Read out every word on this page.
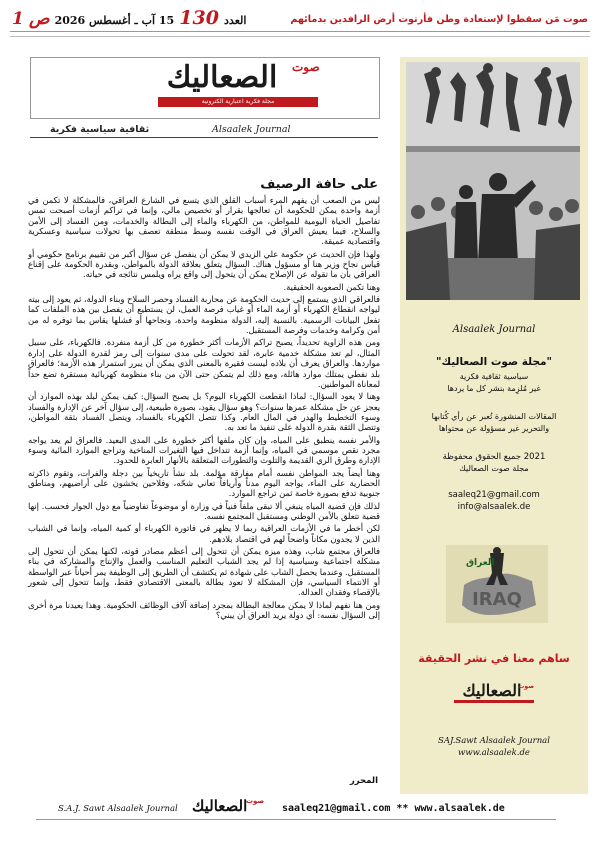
صوت مَن سقطوا لإستعادة وطن فأرتوت أرض الرافدين بدمائهم
العدد 130 15 آب ـ أغسطس 2026 ص 1
الصعاليك	صوت
مجلة فكرية اعتبارية الكترونية
Alsaalek Journal
ثقافية سياسية فكرية
على حافة الرصيف

ليس من الصعب أن يفهم المرء أسباب القلق الذي يتسع في الشارع العراقي، فالمشكلة لا تكمن في أزمة واحدة يمكن للحكومة أن تعالجها بقرار أو تخصيص مالي، وإنما في تراكم أزمات أصبحت تمس تفاصيل الحياة اليومية للمواطن، من الكهرباء والماء إلى البطالة والخدمات، ومن الفساد إلى الأمن والسلاح، فيما يعيش العراق في الوقت نفسه وسط منطقة تعصف بها تحولات سياسية وعسكرية واقتصادية عميقة.

ولهذا فإن الحديث عن حكومة علي الزيدي لا يمكن أن ينفصل عن سؤال أكبر من تقييم برنامج حكومي أو قياس نجاح وزير هنا أو مسؤول هناك. السؤال يتعلق بعلاقة الدولة بالمواطن، وبقدرة الحكومة على إقناع العراقي بأن ما تقوله عن الإصلاح يمكن أن يتحول إلى واقع يراه ويلمس نتائجه في حياته.

وهنا تكمن الصعوبة الحقيقية.

فالعراقي الذي يستمع إلى حديث الحكومة عن محاربة الفساد وحصر السلاح وبناء الدولة، ثم يعود إلى بيته ليواجه انقطاع الكهرباء أو أزمة الماء أو غياب فرصة العمل، لن يستطيع أن يفصل بين هذه الملفات كما تفعل البيانات الرسمية. بالنسبة إليه، الدولة منظومة واحدة، ونجاحها أو فشلها يقاس بما توفره له من أمن وكرامة وخدمات وفرصة المستقبل.

ومن هذه الزاوية تحديداً، يصبح تراكم الأزمات أكثر خطورة من كل أزمة منفردة. فالكهرباء، على سبيل المثال، لم تعد مشكلة خدمية عابرة، لقد تحولت على مدى سنوات إلى رمز لقدرة الدولة على إدارة مواردها. والعراق يعرف أن بلاده ليست فقيرة بالمعنى الذي يمكن أن يبرر استمرار هذه الأزمة؛ فالعراق بلد نفطي يمتلك موارد هائلة، ومع ذلك لم يتمكن حتى الآن من بناء منظومة كهربائية مستقرة تضع حداً لمعاناة المواطنين.

وهنا لا يعود السؤال: لماذا انقطعت الكهرباء اليوم؟ بل يصبح السؤال: كيف يمكن لبلد بهذه الموارد أن يعجز عن حل مشكلة عمرها سنوات؟ وهو سؤال يقود، بصورة طبيعية، إلى سؤال آخر عن الإدارة والفساد وسوء التخطيط والهدر في المال العام. وكذا تتصل الكهرباء بالفساد، ويتصل الفساد بثقة المواطن، وتتصل الثقة بقدرة الدولة على تنفيذ ما تعد به.

والأمر نفسه ينطبق على المياه، وإن كان ملفها أكثر خطورة على المدى البعيد. فالعراق لم يعد يواجه مجرد نقص موسمي في المياه، وإنما أزمة تتداخل فيها التغيرات المناخية وتراجع الموارد المائية وسوء الإدارة وطرق الري القديمة والتلوث والتطورات المتعلقة بالأنهار العابرة للحدود.

وهنا أيضاً يجد المواطن نفسه أمام مفارقة مؤلمة. بلد نشأ تاريخياً بين دجلة والفرات، وتقوم ذاكرته الحضارية على الماء، يواجه اليوم مدناً وأريافاً تعاني شحّه، وفلاحين يخشون على أراضيهم، ومناطق جنوبية تدفع بصورة خاصة ثمن تراجع الموارد.

لذلك فإن قضية المياه ينبغي ألا تبقى ملفاً فنياً في وزارة أو موضوعاً تفاوضياً مع دول الجوار فحسب. إنها قضية تتعلق بالأمن الوطني ومستقبل المجتمع نفسه.

لكن أخطر ما في الأزمات العراقية ربما لا يظهر في فاتورة الكهرباء أو كمية المياه، وإنما في الشباب الذين لا يجدون مكاناً واضحاً لهم في اقتصاد بلادهم.

فالعراق مجتمع شاب، وهذه ميزة يمكن أن تتحول إلى أعظم مصادر قوته، لكنها يمكن أن تتحول إلى مشكلة اجتماعية وسياسية إذا لم يجد الشباب التعليم المناسب والعمل والإنتاج والمشاركة في بناء المستقبل. وعندما يحصل الشاب على شهادة ثم يكتشف أن الطريق إلى الوظيفة يمر أحياناً عبر الواسطة أو الانتماء السياسي، فإن المشكلة لا تعود بطالة بالمعنى الاقتصادي فقط، وإنما تتحول إلى شعور بالإقصاء وفقدان العدالة.

ومن هنا نفهم لماذا لا يمكن معالجة البطالة بمجرد إضافة آلاف الوظائف الحكومية. وهذا يعيدنا مرة أخرى إلى السؤال نفسه: أي دولة يريد العراق أن يبني؟

المحرر
Alsaalek Journal
"مجلة صوت الصعاليك"
سياسية ثقافية فكرية
غير مُلزِمة بنشر كل ما يردها
المقالات المنشورة تُعبر عن رأي كُتابها
والتحرير غير مسؤولة عن محتواها
2021 جميع الحقوق محفوظة
مجلة صوت الصعاليك
saaleq21@gmail.com
info@alsaalek.de
IRAQ
العراق
ساهم معنا في نشر الحقيقة
الصعاليك
صوت
SAJ.Sawt Alsaalek Journal
www.alsaalek.de
S.A.J. Sawt Alsaalek Journal الصعاليك
صوت
saaleq21@gmail.com ** www.alsaalek.de
